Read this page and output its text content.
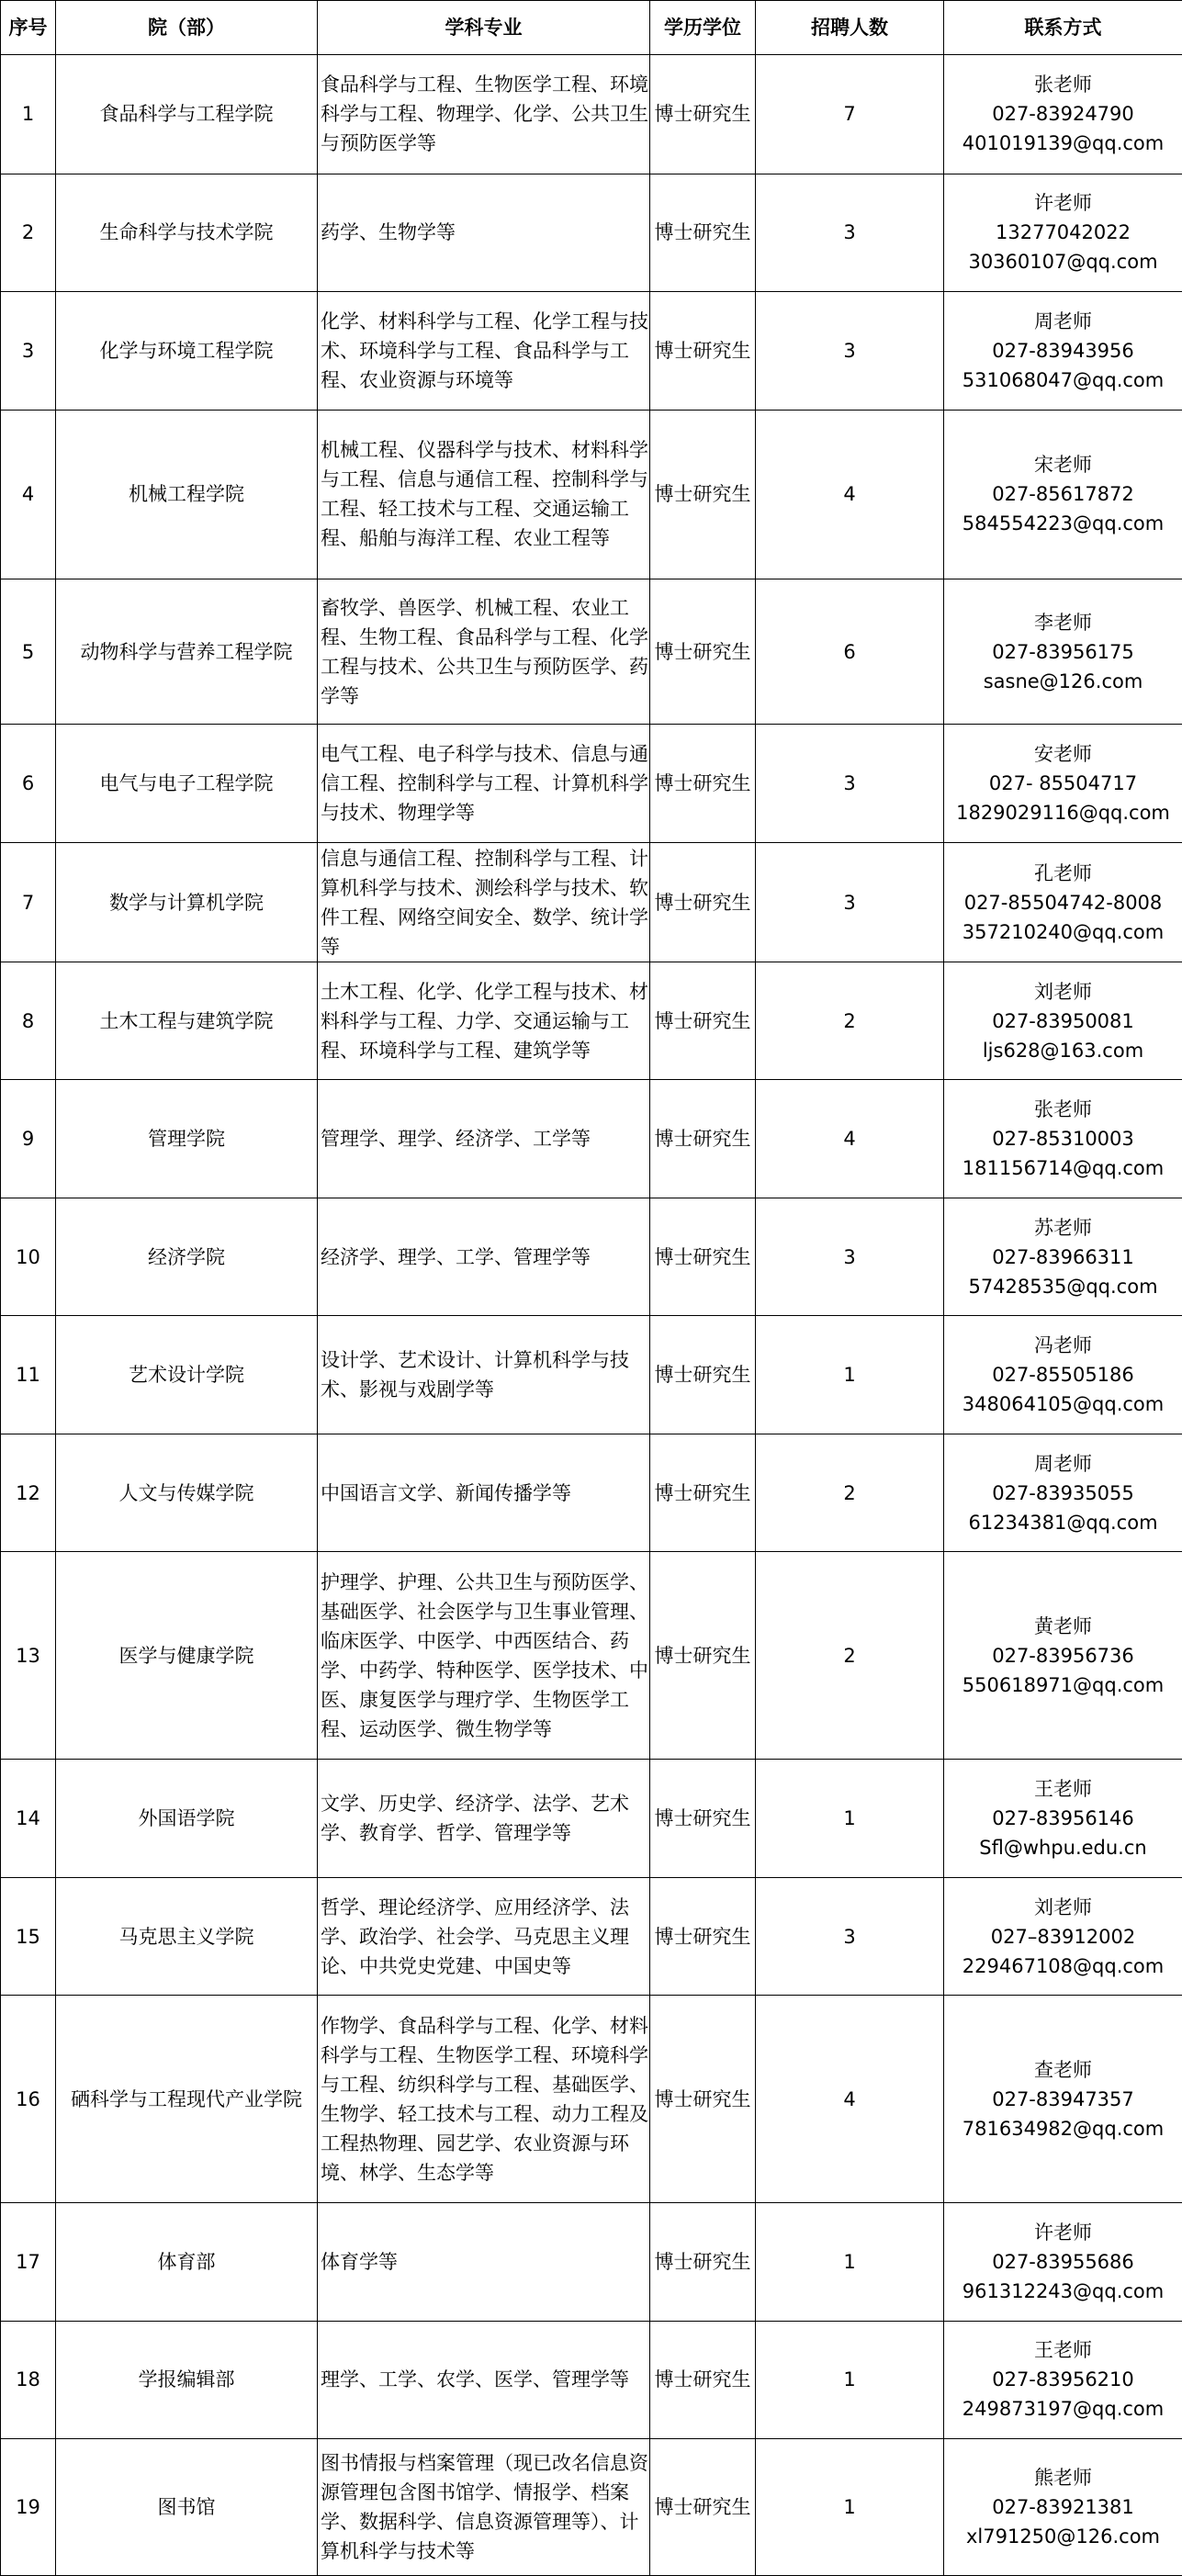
序号	院（部）	学科专业	学历学位	招聘人数	联系方式
1	食品科学与工程学院	食品科学与工程、生物医学工程、环境科学与工程、物理学、化学、公共卫生与预防医学等	博士研究生	7	张老师
027-83924790
401019139@qq.com

2	生命科学与技术学院	药学、生物学等	博士研究生	3	许老师
13277042022
30360107@qq.com

3	化学与环境工程学院	化学、材料科学与工程、化学工程与技术、环境科学与工程、食品科学与工程、农业资源与环境等	博士研究生	3	周老师
027-83943956
531068047@qq.com

4	机械工程学院	机械工程、仪器科学与技术、材料科学与工程、信息与通信工程、控制科学与工程、轻工技术与工程、交通运输工程、船舶与海洋工程、农业工程等	博士研究生	4	宋老师
027-85617872
584554223@qq.com

5	动物科学与营养工程学院	畜牧学、兽医学、机械工程、农业工程、生物工程、食品科学与工程、化学工程与技术、公共卫生与预防医学、药学等	博士研究生	6	李老师
027-83956175
sasne@126.com

6	电气与电子工程学院	电气工程、电子科学与技术、信息与通信工程、控制科学与工程、计算机科学与技术、物理学等	博士研究生	3	安老师
027- 85504717
1829029116@qq.com

7	数学与计算机学院	信息与通信工程、控制科学与工程、计算机科学与技术、测绘科学与技术、软件工程、网络空间安全、数学、统计学等	博士研究生	3	孔老师
027-85504742-8008
357210240@qq.com

8	土木工程与建筑学院	土木工程、化学、化学工程与技术、材料科学与工程、力学、交通运输与工程、环境科学与工程、建筑学等	博士研究生	2	刘老师
027-83950081
ljs628@163.com

9	管理学院	管理学、理学、经济学、工学等	博士研究生	4	张老师
027-85310003
181156714@qq.com

10	经济学院	经济学、理学、工学、管理学等	博士研究生	3	苏老师
027-83966311
57428535@qq.com

11	艺术设计学院	设计学、艺术设计、计算机科学与技术、影视与戏剧学等	博士研究生	1	冯老师
027-85505186
348064105@qq.com

12	人文与传媒学院	中国语言文学、新闻传播学等	博士研究生	2	周老师
027-83935055
61234381@qq.com

13	医学与健康学院	护理学、护理、公共卫生与预防医学、基础医学、社会医学与卫生事业管理、临床医学、中医学、中西医结合、药学、中药学、特种医学、医学技术、中医、康复医学与理疗学、生物医学工程、运动医学、微生物学等	博士研究生	2	黄老师
027-83956736
550618971@qq.com

14	外国语学院	文学、历史学、经济学、法学、艺术学、教育学、哲学、管理学等	博士研究生	1	王老师
027-83956146
Sfl@whpu.edu.cn

15	马克思主义学院	哲学、理论经济学、应用经济学、法学、政治学、社会学、马克思主义理论、中共党史党建、中国史等	博士研究生	3	刘老师
027–83912002
229467108@qq.com

16	硒科学与工程现代产业学院	作物学、食品科学与工程、化学、材料科学与工程、生物医学工程、环境科学与工程、纺织科学与工程、基础医学、生物学、轻工技术与工程、动力工程及工程热物理、园艺学、农业资源与环境、林学、生态学等	博士研究生	4	查老师
027-83947357
781634982@qq.com

17	体育部	体育学等	博士研究生	1	许老师
027-83955686
961312243@qq.com

18	学报编辑部	理学、工学、农学、医学、管理学等	博士研究生	1	王老师
027-83956210
249873197@qq.com

19	图书馆	图书情报与档案管理（现已改名信息资源管理包含图书馆学、情报学、档案学、数据科学、信息资源管理等）、计算机科学与技术等	博士研究生	1	熊老师
027-83921381
xl791250@126.com
